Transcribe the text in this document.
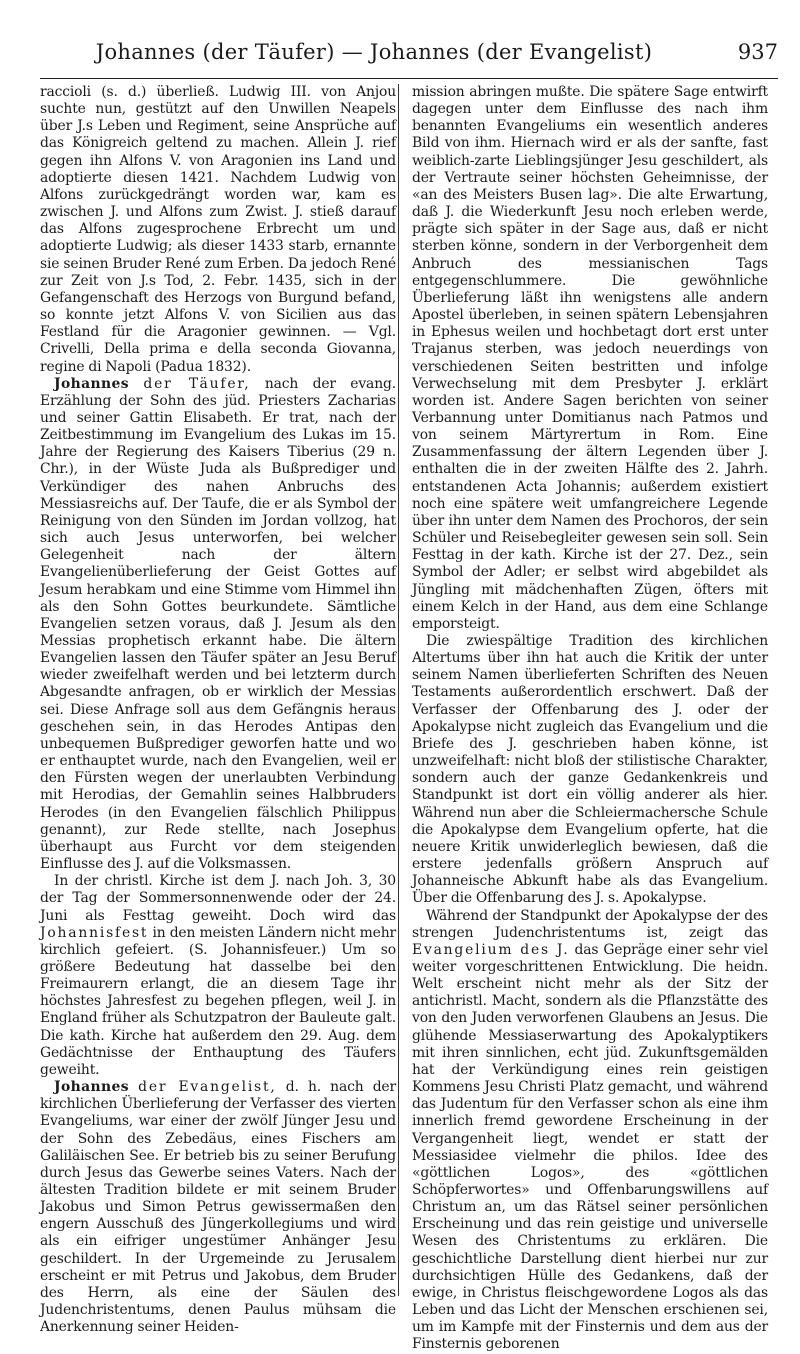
Johannes (der Täufer) — Johannes (der Evangelist)	937

raccioli (s. d.) überließ. Ludwig III. von Anjou suchte nun, gestützt auf den Unwillen Neapels über J.s Leben und Regiment, seine Ansprüche auf das Königreich geltend zu machen. Allein J. rief gegen ihn Alfons V. von Aragonien ins Land und adoptierte diesen 1421. Nachdem Ludwig von Alfons zurückgedrängt worden war, kam es zwischen J. und Alfons zum Zwist. J. stieß darauf das Alfons zugesprochene Erbrecht um und adoptierte Ludwig; als dieser 1433 starb, ernannte sie seinen Bruder René zum Erben. Da jedoch René zur Zeit von J.s Tod, 2. Febr. 1435, sich in der Gefangenschaft des Herzogs von Burgund befand, so konnte jetzt Alfons V. von Sicilien aus das Festland für die Aragonier gewinnen. — Vgl. Crivelli, Della prima e della seconda Giovanna, regine di Napoli (Padua 1832).

Johannes der Täufer, nach der evang. Erzählung der Sohn des jüd. Priesters Zacharias und seiner Gattin Elisabeth. Er trat, nach der Zeitbestimmung im Evangelium des Lukas im 15. Jahre der Regierung des Kaisers Tiberius (29 n. Chr.), in der Wüste Juda als Bußprediger und Verkündiger des nahen Anbruchs des Messiasreichs auf. Der Taufe, die er als Symbol der Reinigung von den Sünden im Jordan vollzog, hat sich auch Jesus unterworfen, bei welcher Gelegenheit nach der ältern Evangelienüberlieferung der Geist Gottes auf Jesum herabkam und eine Stimme vom Himmel ihn als den Sohn Gottes beurkundete. Sämtliche Evangelien setzen voraus, daß J. Jesum als den Messias prophetisch erkannt habe. Die ältern Evangelien lassen den Täufer später an Jesu Beruf wieder zweifelhaft werden und bei letzterm durch Abgesandte anfragen, ob er wirklich der Messias sei. Diese Anfrage soll aus dem Gefängnis heraus geschehen sein, in das Herodes Antipas den unbequemen Bußprediger geworfen hatte und wo er enthauptet wurde, nach den Evangelien, weil er den Fürsten wegen der unerlaubten Verbindung mit Herodias, der Gemahlin seines Halbbruders Herodes (in den Evangelien fälschlich Philippus genannt), zur Rede stellte, nach Josephus überhaupt aus Furcht vor dem steigenden Einflusse des J. auf die Volksmassen.

In der christl. Kirche ist dem J. nach Joh. 3, 30 der Tag der Sommersonnenwende oder der 24. Juni als Festtag geweiht. Doch wird das Johannisfest in den meisten Ländern nicht mehr kirchlich gefeiert. (S. Johannisfeuer.) Um so größere Bedeutung hat dasselbe bei den Freimaurern erlangt, die an diesem Tage ihr höchstes Jahresfest zu begehen pflegen, weil J. in England früher als Schutzpatron der Bauleute galt. Die kath. Kirche hat außerdem den 29. Aug. dem Gedächtnisse der Enthauptung des Täufers geweiht.

Johannes der Evangelist, d. h. nach der kirchlichen Überlieferung der Verfasser des vierten Evangeliums, war einer der zwölf Jünger Jesu und der Sohn des Zebedäus, eines Fischers am Galiläischen See. Er betrieb bis zu seiner Berufung durch Jesus das Gewerbe seines Vaters. Nach der ältesten Tradition bildete er mit seinem Bruder Jakobus und Simon Petrus gewissermaßen den engern Ausschuß des Jüngerkollegiums und wird als ein eifriger ungestümer Anhänger Jesu geschildert. In der Urgemeinde zu Jerusalem erscheint er mit Petrus und Jakobus, dem Bruder des Herrn, als eine der Säulen des Judenchristentums, denen Paulus mühsam die Anerkennung seiner Heiden-

mission abringen mußte. Die spätere Sage entwirft dagegen unter dem Einflusse des nach ihm benannten Evangeliums ein wesentlich anderes Bild von ihm. Hiernach wird er als der sanfte, fast weiblich-zarte Lieblingsjünger Jesu geschildert, als der Vertraute seiner höchsten Geheimnisse, der «an des Meisters Busen lag». Die alte Erwartung, daß J. die Wiederkunft Jesu noch erleben werde, prägte sich später in der Sage aus, daß er nicht sterben könne, sondern in der Verborgenheit dem Anbruch des messianischen Tags entgegenschlummere. Die gewöhnliche Überlieferung läßt ihn wenigstens alle andern Apostel überleben, in seinen spätern Lebensjahren in Ephesus weilen und hochbetagt dort erst unter Trajanus sterben, was jedoch neuerdings von verschiedenen Seiten bestritten und infolge Verwechselung mit dem Presbyter J. erklärt worden ist. Andere Sagen berichten von seiner Verbannung unter Domitianus nach Patmos und von seinem Märtyrertum in Rom. Eine Zusammenfassung der ältern Legenden über J. enthalten die in der zweiten Hälfte des 2. Jahrh. entstandenen Acta Johannis; außerdem existiert noch eine spätere weit umfangreichere Legende über ihn unter dem Namen des Prochoros, der sein Schüler und Reisebegleiter gewesen sein soll. Sein Festtag in der kath. Kirche ist der 27. Dez., sein Symbol der Adler; er selbst wird abgebildet als Jüngling mit mädchenhaften Zügen, öfters mit einem Kelch in der Hand, aus dem eine Schlange emporsteigt.

Die zwiespältige Tradition des kirchlichen Altertums über ihn hat auch die Kritik der unter seinem Namen überlieferten Schriften des Neuen Testaments außerordentlich erschwert. Daß der Verfasser der Offenbarung des J. oder der Apokalypse nicht zugleich das Evangelium und die Briefe des J. geschrieben haben könne, ist unzweifelhaft: nicht bloß der stilistische Charakter, sondern auch der ganze Gedankenkreis und Standpunkt ist dort ein völlig anderer als hier. Während nun aber die Schleiermachersche Schule die Apokalypse dem Evangelium opferte, hat die neuere Kritik unwiderleglich bewiesen, daß die erstere jedenfalls größern Anspruch auf Johanneische Abkunft habe als das Evangelium. Über die Offenbarung des J. s. Apokalypse.

Während der Standpunkt der Apokalypse der des strengen Judenchristentums ist, zeigt das Evangelium des J. das Gepräge einer sehr viel weiter vorgeschrittenen Entwicklung. Die heidn. Welt erscheint nicht mehr als der Sitz der antichristl. Macht, sondern als die Pflanzstätte des von den Juden verworfenen Glaubens an Jesus. Die glühende Messiaserwartung des Apokalyptikers mit ihren sinnlichen, echt jüd. Zukunftsgemälden hat der Verkündigung eines rein geistigen Kommens Jesu Christi Platz gemacht, und während das Judentum für den Verfasser schon als eine ihm innerlich fremd gewordene Erscheinung in der Vergangenheit liegt, wendet er statt der Messiasidee vielmehr die philos. Idee des «göttlichen Logos», des «göttlichen Schöpferwortes» und Offenbarungswillens auf Christum an, um das Rätsel seiner persönlichen Erscheinung und das rein geistige und universelle Wesen des Christentums zu erklären. Die geschichtliche Darstellung dient hierbei nur zur durchsichtigen Hülle des Gedankens, daß der ewige, in Christus fleischgewordene Logos als das Leben und das Licht der Menschen erschienen sei, um im Kampfe mit der Finsternis und dem aus der Finsternis geborenen
